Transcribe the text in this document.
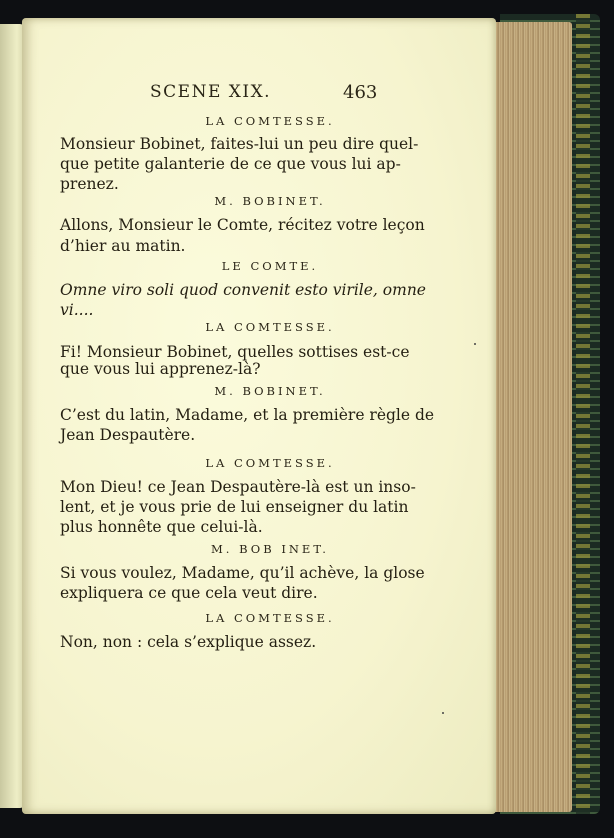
SCENE XIX.	463
LA COMTESSE.
Monsieur Bobinet, faites-lui un peu dire quel-
que petite galanterie de ce que vous lui ap-
prenez.
M. BOBINET.
Allons, Monsieur le Comte, récitez votre leçon
d’hier au matin.
LE COMTE.
Omne viro soli quod convenit esto virile, omne
vi....
LA COMTESSE.
Fi! Monsieur Bobinet, quelles sottises est-ce
que vous lui apprenez-là?
M. BOBINET.
C’est du latin, Madame, et la première règle de
Jean Despautère.
LA COMTESSE.
Mon Dieu! ce Jean Despautère-là est un inso-
lent, et je vous prie de lui enseigner du latin
plus honnête que celui-là.
M. BOB INET.
Si vous voulez, Madame, qu’il achève, la glose
expliquera ce que cela veut dire.
LA COMTESSE.
Non, non : cela s’explique assez.
